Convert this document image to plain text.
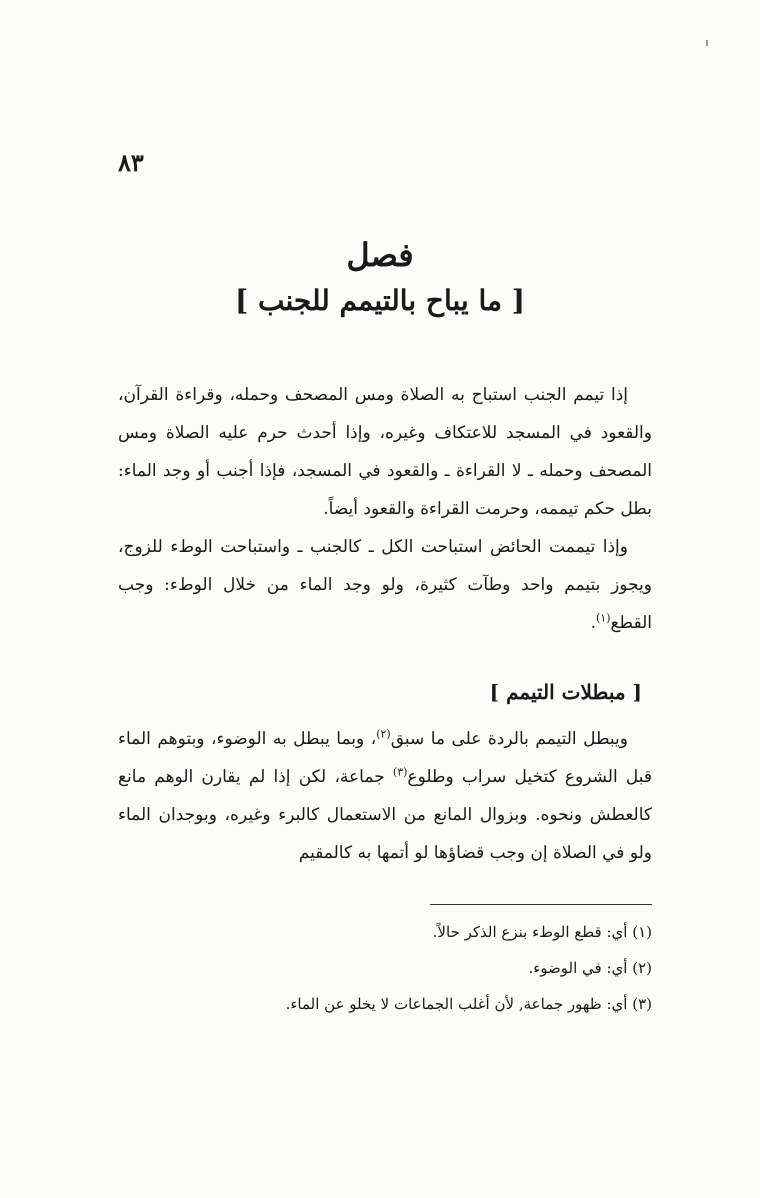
٨٣
فصل
[ ما يباح بالتيمم للجنب ]

إذا تيمم الجنب استباح به الصلاة ومس المصحف وحمله، وقراءة القرآن، والقعود في المسجد للاعتكاف وغيره، وإذا أحدث حرم عليه الصلاة ومس المصحف وحمله ـ لا القراءة ـ والقعود في المسجد، فإذا أجنب أو وجد الماء: بطل حكم تيممه، وحرمت القراءة والقعود أيضاً.

وإذا تيممت الحائض استباحت الكل ـ كالجنب ـ واستباحت الوطء للزوج، ويجوز بتيمم واحد وطآت كثيرة، ولو وجد الماء من خلال الوطء: وجب القطع$^{(١)}$.

[ مبطلات التيمم ]

ويبطل التيمم بالردة على ما سبق$^{(٢)}$، وبما يبطل به الوضوء، وبتوهم الماء قبل الشروع كتخيل سراب وطلوع$^{(٣)}$ جماعة، لكن إذا لم يقارن الوهم مانع كالعطش ونحوه. وبزوال المانع من الاستعمال كالبرء وغيره، وبوجدان الماء ولو في الصلاة إن وجب قضاؤها لو أتمها به كالمقيم

(١) أي: قطع الوطء بنزع الذكر حالاً.
(٢) أي: في الوضوء.
(٣) أي: ظهور جماعة, لأن أغلب الجماعات لا يخلو عن الماء.
